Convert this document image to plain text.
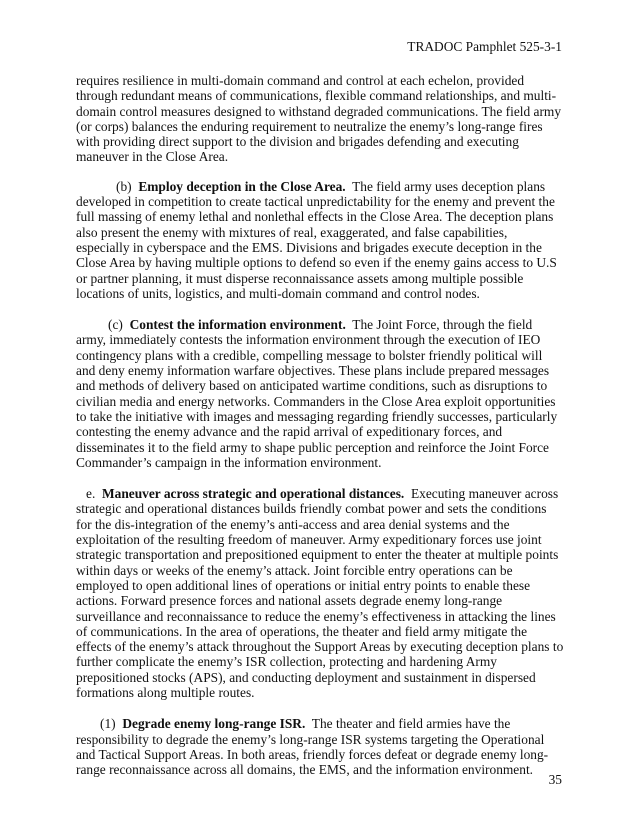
TRADOC Pamphlet 525-3-1

requires resilience in multi-domain command and control at each echelon, provided through redundant means of communications, flexible command relationships, and multi-domain control measures designed to withstand degraded communications. The field army (or corps) balances the enduring requirement to neutralize the enemy’s long-range fires with providing direct support to the division and brigades defending and executing maneuver in the Close Area.

(b) Employ deception in the Close Area. The field army uses deception plans developed in competition to create tactical unpredictability for the enemy and prevent the full massing of enemy lethal and nonlethal effects in the Close Area. The deception plans also present the enemy with mixtures of real, exaggerated, and false capabilities, especially in cyberspace and the EMS. Divisions and brigades execute deception in the Close Area by having multiple options to defend so even if the enemy gains access to U.S or partner planning, it must disperse reconnaissance assets among multiple possible locations of units, logistics, and multi-domain command and control nodes.

(c) Contest the information environment. The Joint Force, through the field army, immediately contests the information environment through the execution of IEO contingency plans with a credible, compelling message to bolster friendly political will and deny enemy information warfare objectives. These plans include prepared messages and methods of delivery based on anticipated wartime conditions, such as disruptions to civilian media and energy networks. Commanders in the Close Area exploit opportunities to take the initiative with images and messaging regarding friendly successes, particularly contesting the enemy advance and the rapid arrival of expeditionary forces, and disseminates it to the field army to shape public perception and reinforce the Joint Force Commander’s campaign in the information environment.

e. Maneuver across strategic and operational distances. Executing maneuver across strategic and operational distances builds friendly combat power and sets the conditions for the dis-integration of the enemy’s anti-access and area denial systems and the exploitation of the resulting freedom of maneuver. Army expeditionary forces use joint strategic transportation and prepositioned equipment to enter the theater at multiple points within days or weeks of the enemy’s attack. Joint forcible entry operations can be employed to open additional lines of operations or initial entry points to enable these actions. Forward presence forces and national assets degrade enemy long-range surveillance and reconnaissance to reduce the enemy’s effectiveness in attacking the lines of communications. In the area of operations, the theater and field army mitigate the effects of the enemy’s attack throughout the Support Areas by executing deception plans to further complicate the enemy’s ISR collection, protecting and hardening Army prepositioned stocks (APS), and conducting deployment and sustainment in dispersed formations along multiple routes.

(1) Degrade enemy long-range ISR. The theater and field armies have the responsibility to degrade the enemy’s long-range ISR systems targeting the Operational and Tactical Support Areas. In both areas, friendly forces defeat or degrade enemy long-range reconnaissance across all domains, the EMS, and the information environment.

35
